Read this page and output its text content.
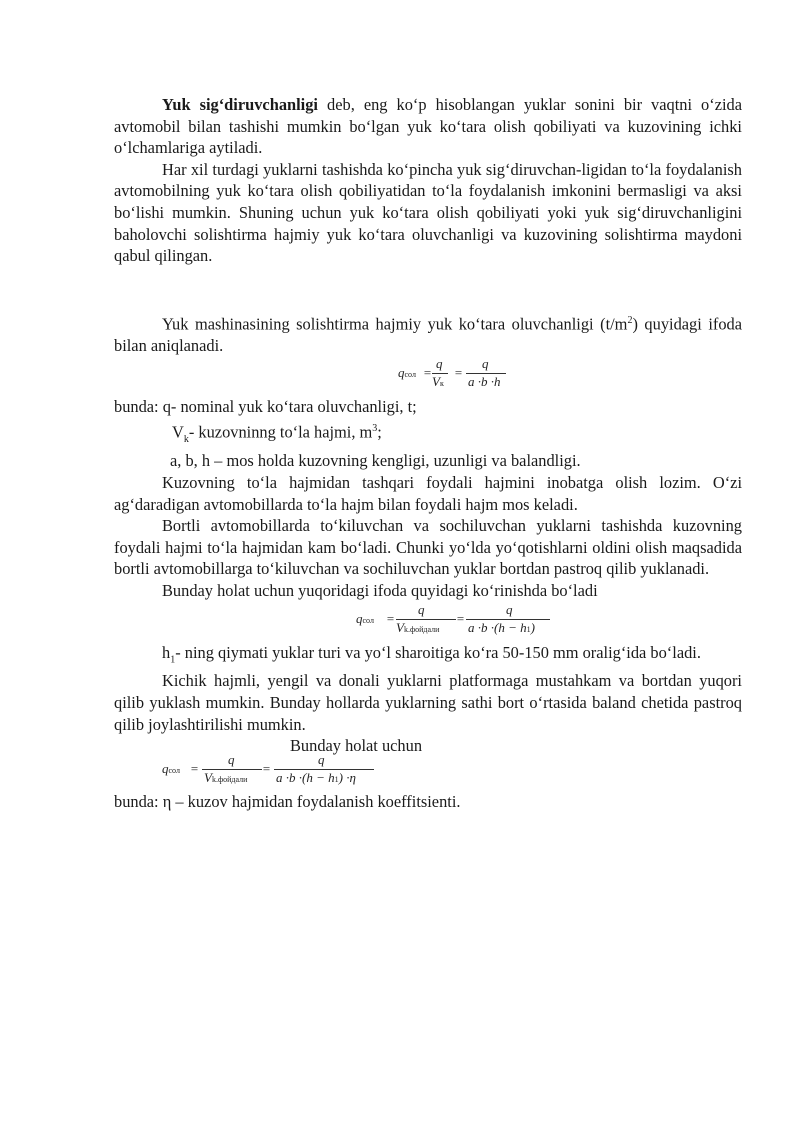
Yuk sig‘diruvchanligi deb, eng ko‘p hisoblangan yuklar sonini bir vaqtni o‘zida avtomobil bilan tashishi mumkin bo‘lgan yuk ko‘tara olish qobiliyati va kuzovining ichki o‘lchamlariga aytiladi.

Har xil turdagi yuklarni tashishda ko‘pincha yuk sig‘diruvchan-ligidan to‘la foydalanish avtomobilning yuk ko‘tara olish qobiliyatidan to‘la foydalanish imkonini bermasligi va aksi bo‘lishi mumkin. Shuning uchun yuk ko‘tara olish qobiliyati yoki yuk sig‘diruvchanligini baholovchi solishtirma hajmiy yuk ko‘tara oluvchanligi va kuzovining solishtirma maydoni qabul qilingan.

Yuk mashinasining solishtirma hajmiy yuk ko‘tara oluvchanligi $(t/m^2)$ quyidagi ifoda bilan aniqlanadi.

qсол =
q
Vк
=
q
a ·b ·h

bunda: q- nominal yuk ko‘tara oluvchanligi, t;

$V_k-$ kuzovninng to‘la hajmi, $m^3$;

a, b, h – mos holda kuzovning kengligi, uzunligi va balandligi.

Kuzovning to‘la hajmidan tashqari foydali hajmini inobatga olish lozim. O‘zi ag‘daradigan avtomobillarda to‘la hajm bilan foydali hajm mos keladi.

Bortli avtomobillarda to‘kiluvchan va sochiluvchan yuklarni tashishda kuzovning foydali hajmi to‘la hajmidan kam bo‘ladi. Chunki yo‘lda yo‘qotishlarni oldini olish maqsadida bortli avtomobillarga to‘kiluvchan va sochiluvchan yuklar bortdan pastroq qilib yuklanadi.

Bunday holat uchun yuqoridagi ifoda quyidagi ko‘rinishda bo‘ladi

qсол =
q
Vk.фойдали
=
q
a ·b ·(h − h1)

$h_1-$ ning qiymati yuklar turi va yo‘l sharoitiga ko‘ra 50-150 mm oralig‘ida bo‘ladi.

Kichik hajmli, yengil va donali yuklarni platformaga mustahkam va bortdan yuqori qilib yuklash mumkin. Bunday hollarda yuklarning sathi bort o‘rtasida baland chetida pastroq qilib joylashtirilishi mumkin.

Bunday holat uchun

qсол =
q
Vk.фойдали
=
q
a ·b ·(h − h1) ·η

bunda: η – kuzov hajmidan foydalanish koeffitsienti.
